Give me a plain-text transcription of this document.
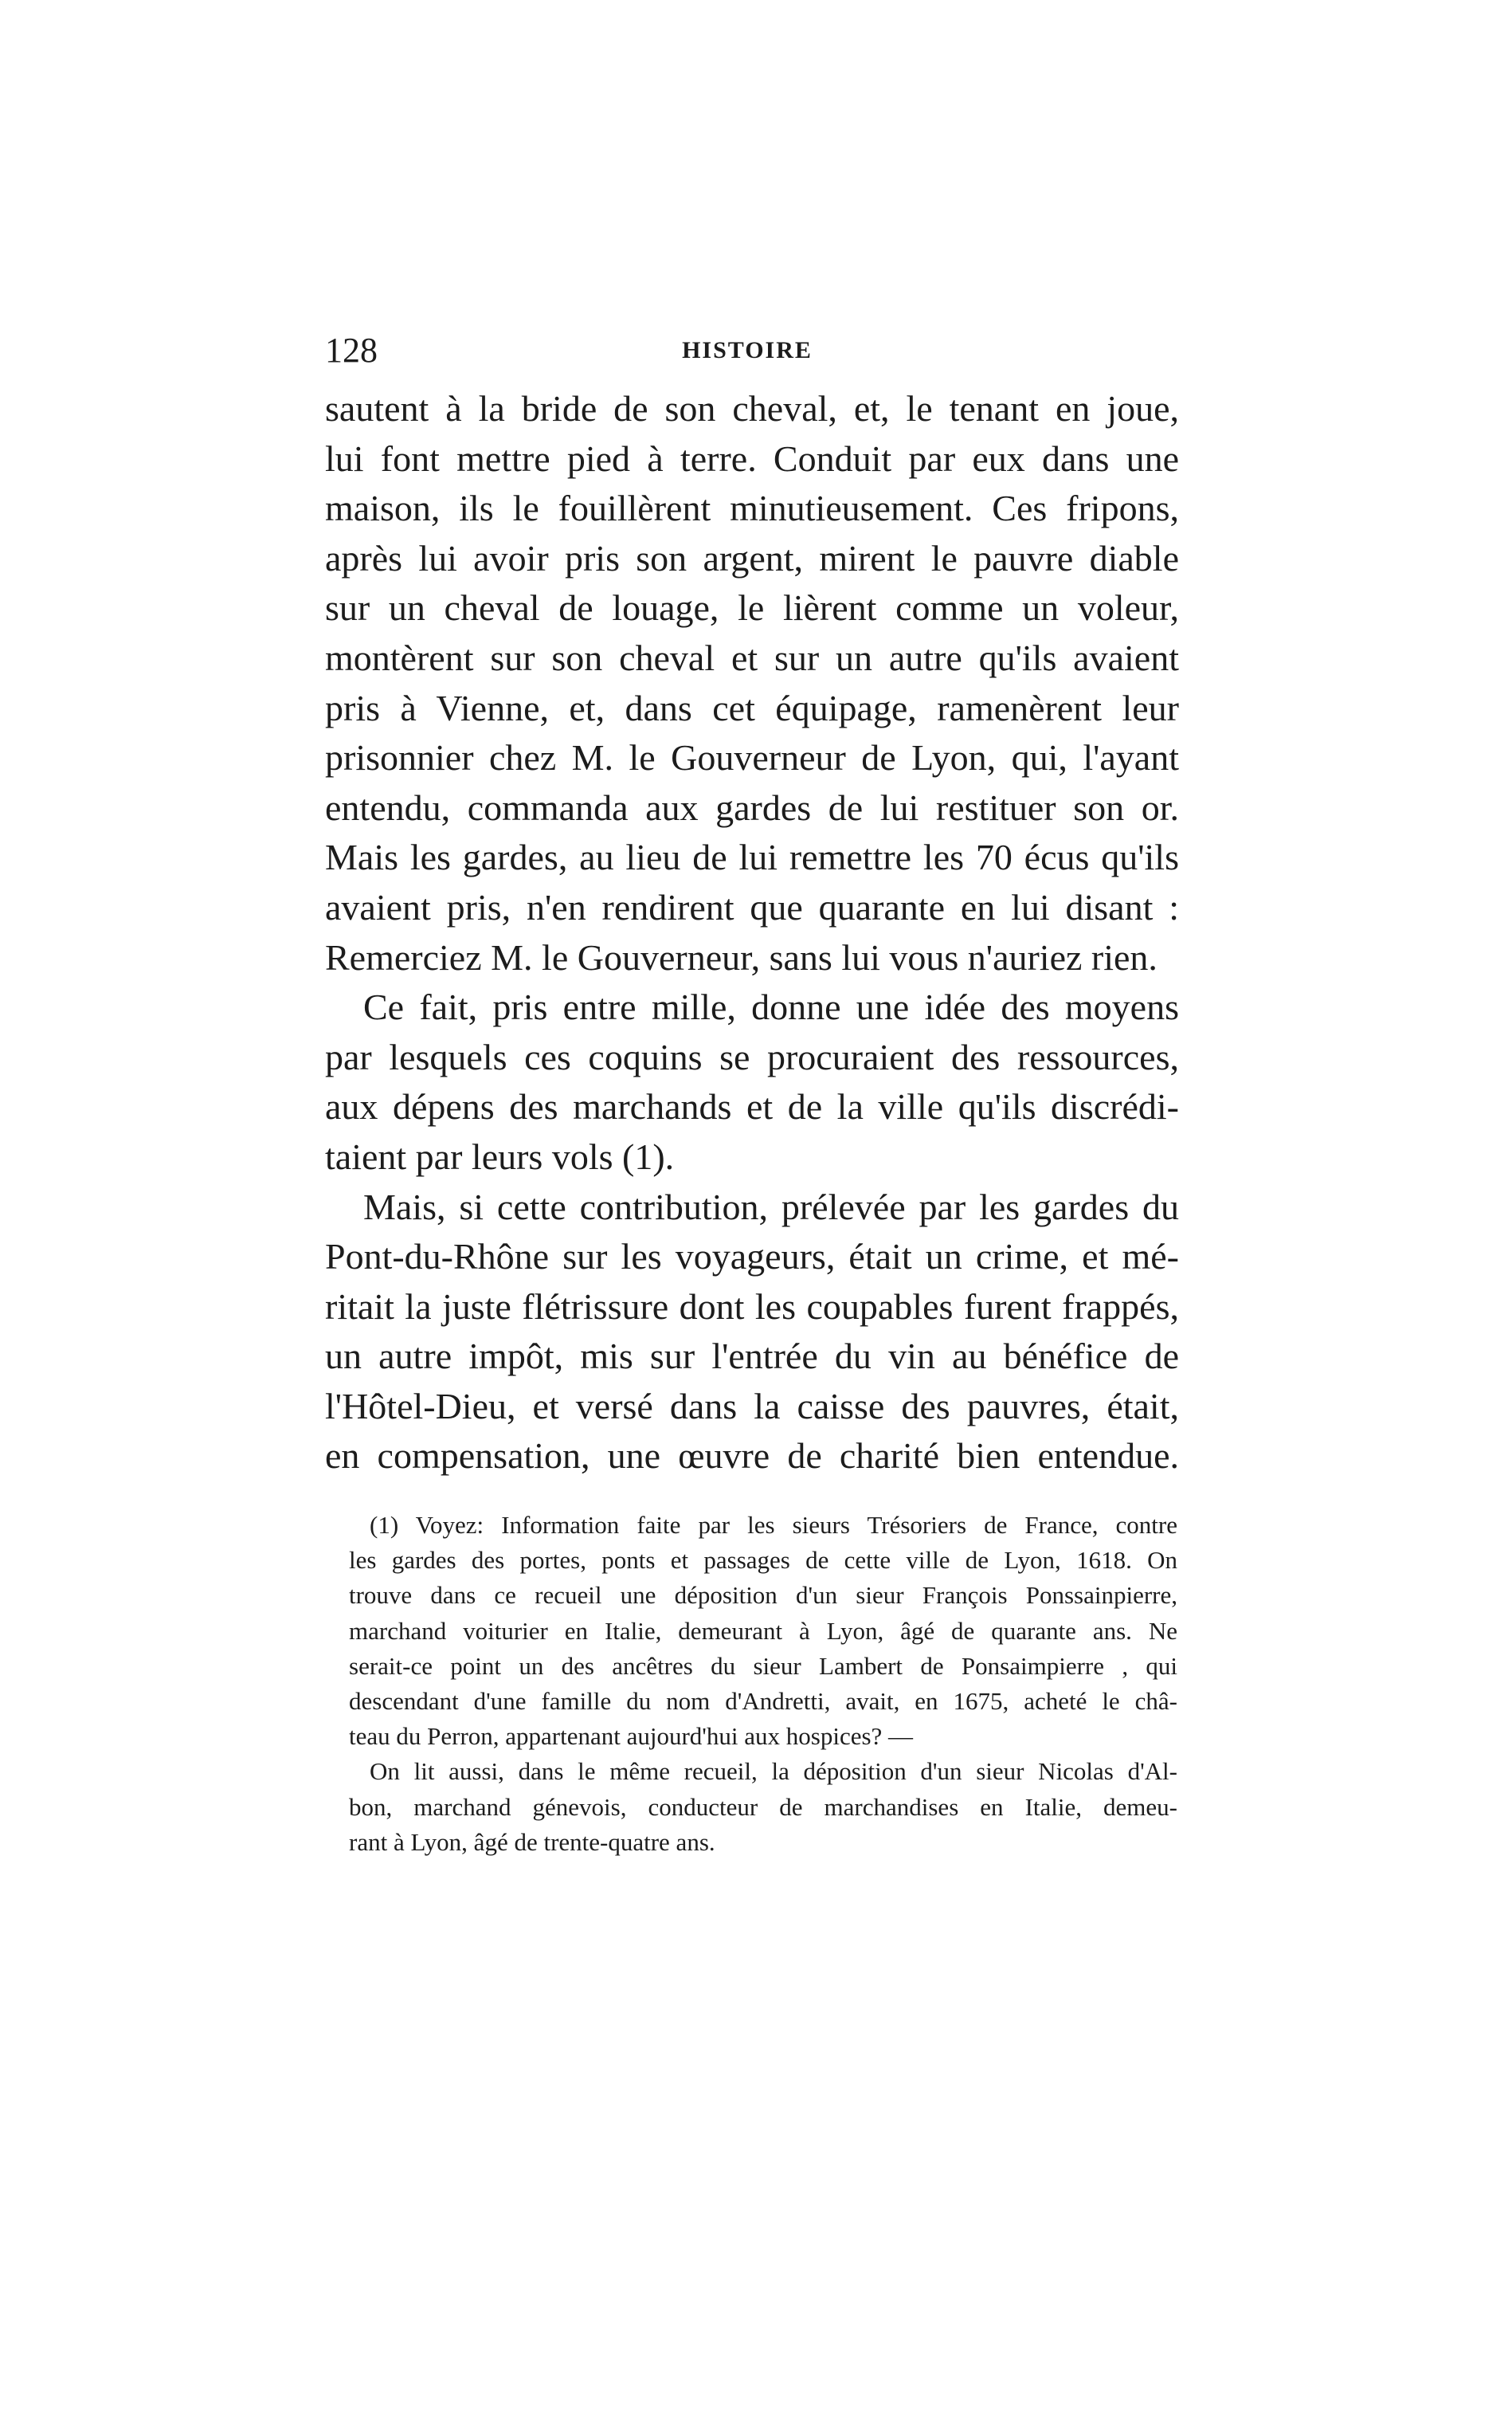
128	HISTOIRE
sautent à la bride de son cheval, et, le tenant en joue,
lui font mettre pied à terre. Conduit par eux dans une
maison, ils le fouillèrent minutieusement. Ces fripons,
après lui avoir pris son argent, mirent le pauvre diable
sur un cheval de louage, le lièrent comme un voleur,
montèrent sur son cheval et sur un autre qu'ils avaient
pris à Vienne, et, dans cet équipage, ramenèrent leur
prisonnier chez M. le Gouverneur de Lyon, qui, l'ayant
entendu, commanda aux gardes de lui restituer son or.
Mais les gardes, au lieu de lui remettre les 70 écus qu'ils
avaient pris, n'en rendirent que quarante en lui disant :
Remerciez M. le Gouverneur, sans lui vous n'auriez rien.
Ce fait, pris entre mille, donne une idée des moyens
par lesquels ces coquins se procuraient des ressources,
aux dépens des marchands et de la ville qu'ils discrédi-
taient par leurs vols (1).
Mais, si cette contribution, prélevée par les gardes du
Pont-du-Rhône sur les voyageurs, était un crime, et mé-
ritait la juste flétrissure dont les coupables furent frappés,
un autre impôt, mis sur l'entrée du vin au bénéfice de
l'Hôtel-Dieu, et versé dans la caisse des pauvres, était,
en compensation, une œuvre de charité bien entendue.
(1) Voyez: Information faite par les sieurs Trésoriers de France, contre
les gardes des portes, ponts et passages de cette ville de Lyon, 1618. On
trouve dans ce recueil une déposition d'un sieur François Ponssainpierre,
marchand voiturier en Italie, demeurant à Lyon, âgé de quarante ans. Ne
serait-ce point un des ancêtres du sieur Lambert de Ponsaimpierre , qui
descendant d'une famille du nom d'Andretti, avait, en 1675, acheté le châ-
teau du Perron, appartenant aujourd'hui aux hospices? —
On lit aussi, dans le même recueil, la déposition d'un sieur Nicolas d'Al-
bon, marchand génevois, conducteur de marchandises en Italie, demeu-
rant à Lyon, âgé de trente-quatre ans.
